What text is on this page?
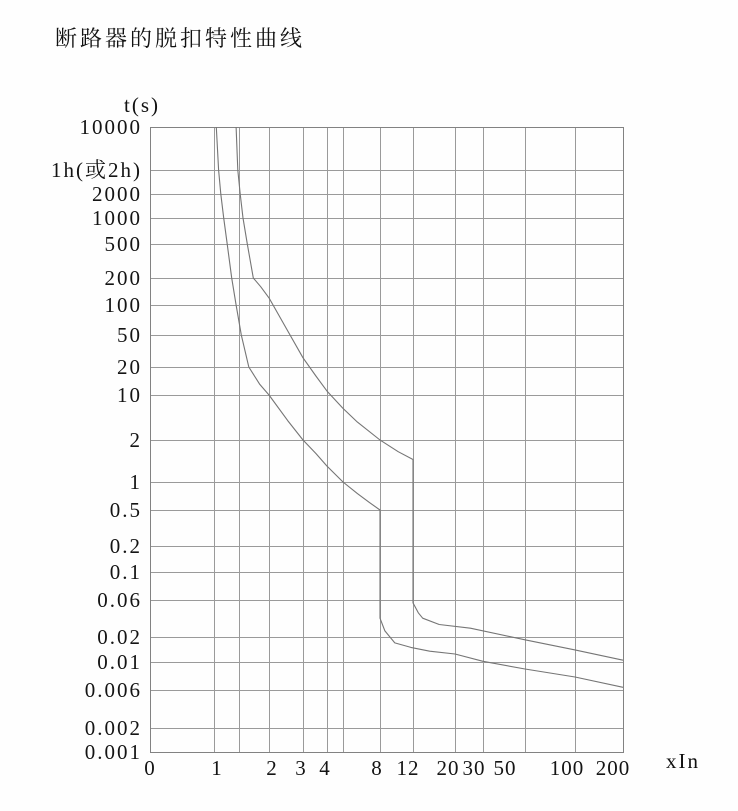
断路器的脱扣特性曲线
t(s)
xIn
10000
1h(或2h)
2000
1000
500
200
100
50
20
10
2
1
0.5
0.2
0.1
0.06
0.02
0.01
0.006
0.002
0.001
0	1 2 3 4 8 12 20 30 50 100 200
